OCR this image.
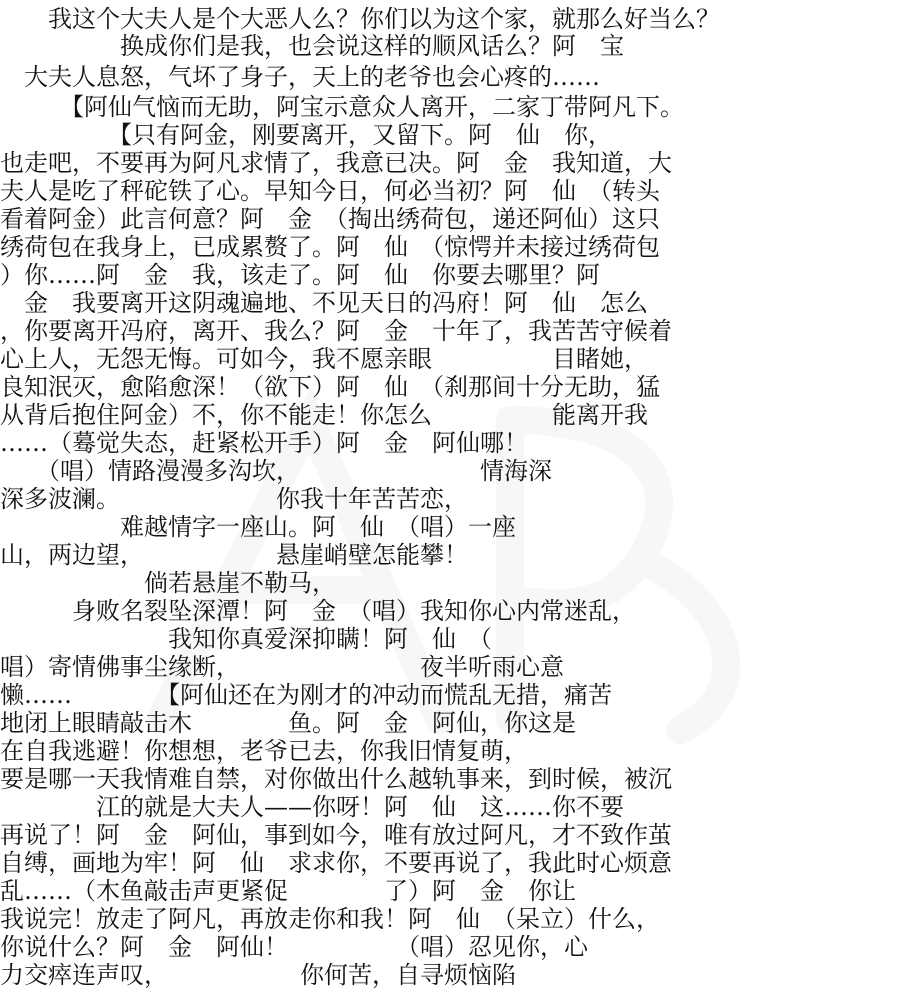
　　我这个大夫人是个大恶人么？你们以为这个家，就那么好当么？
　　　　　换成你们是我，也会说这样的顺风话么？阿　宝
　大夫人息怒，气坏了身子，天上的老爷也会心疼的……
　　　【阿仙气恼而无助，阿宝示意众人离开，二家丁带阿凡下。
　　　　　【只有阿金，刚要离开，又留下。阿　仙　你，
也走吧，不要再为阿凡求情了，我意已决。阿　金　我知道，大
夫人是吃了秤砣铁了心。早知今日，何必当初？阿　仙　（转头
看着阿金）此言何意？阿　金　（掏出绣荷包，递还阿仙）这只
绣荷包在我身上，已成累赘了。阿　仙　（惊愕并未接过绣荷包
）你……阿　金　我，该走了。阿　仙　你要去哪里？阿
　金　我要离开这阴魂遍地、不见天日的冯府！阿　仙　怎么
，你要离开冯府，离开、我么？阿　金　十年了，我苦苦守候着
心上人，无怨无悔。可如今，我不愿亲眼　　　　　目睹她，
良知泯灭，愈陷愈深！（欲下）阿　仙　（刹那间十分无助，猛
从背后抱住阿金）不，你不能走！你怎么　　　　　能离开我
……（蓦觉失态，赶紧松开手）阿　金　阿仙哪！
　　（唱）情路漫漫多沟坎，　　　　　　　　情海深
深多波澜。　　　　　　　你我十年苦苦恋，
　　　　　难越情字一座山。阿　仙　（唱）一座
山，两边望，　　　　　　悬崖峭壁怎能攀！
　　　　　　倘若悬崖不勒马，
　　　身败名裂坠深潭！阿　金　（唱）我知你心内常迷乱，
　　　　　　　我知你真爱深抑瞒！阿　仙　（
唱）寄情佛事尘缘断，　　　　　　　　夜半听雨心意
懒……　　　　【阿仙还在为刚才的冲动而慌乱无措，痛苦
地闭上眼睛敲击木　　　　鱼。阿　金　阿仙，你这是
在自我逃避！你想想，老爷已去，你我旧情复萌，
要是哪一天我情难自禁，对你做出什么越轨事来，到时候，被沉
　　　　江的就是大夫人——你呀！阿　仙　这……你不要
再说了！阿　金　阿仙，事到如今，唯有放过阿凡，才不致作茧
自缚，画地为牢！阿　仙　求求你，不要再说了，我此时心烦意
乱……（木鱼敲击声更紧促　　　　了）阿　金　你让
我说完！放走了阿凡，再放走你和我！阿　仙　（呆立）什么，
你说什么？阿　金　阿仙！　　　　　（唱）忍见你，心
力交瘁连声叹，　　　　　　你何苦，自寻烦恼陷
